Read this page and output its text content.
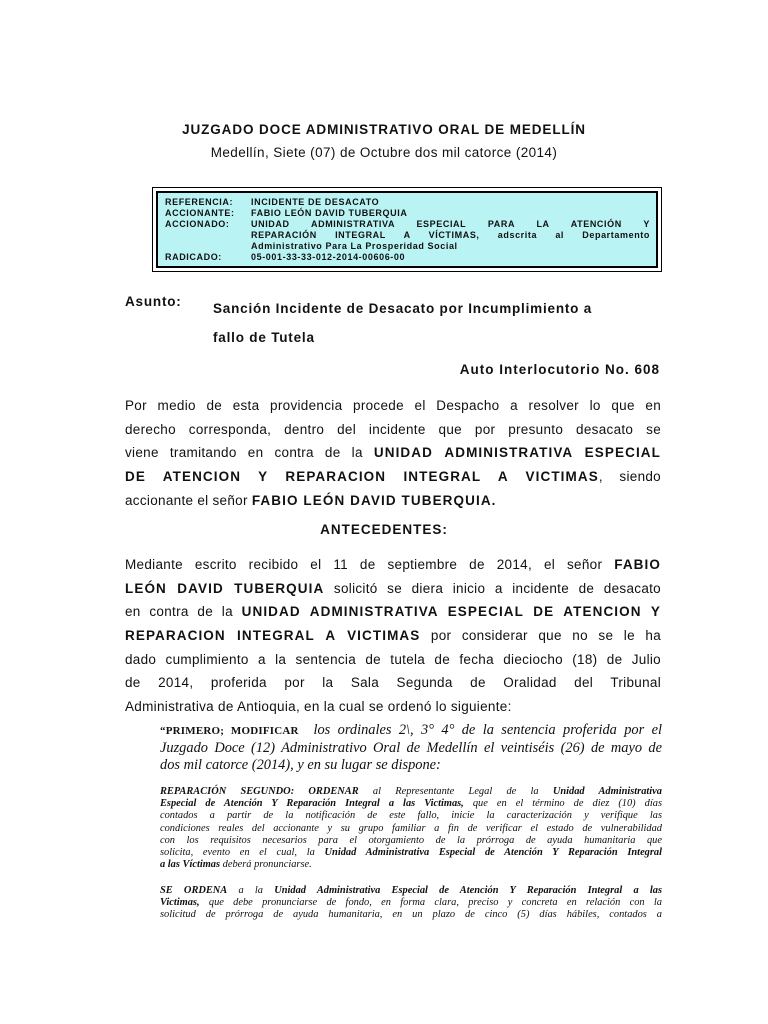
JUZGADO DOCE ADMINISTRATIVO ORAL DE MEDELLÍN
Medellín, Siete (07) de Octubre dos mil catorce (2014)
REFERENCIA:	INCIDENTE DE DESACATO
ACCIONANTE:	FABIO LEÓN DAVID TUBERQUIA
ACCIONADO:	UNIDAD ADMINISTRATIVA ESPECIAL PARA LA ATENCIÓN Y
REPARACIÓN INTEGRAL A VÍCTIMAS, adscrita al Departamento
Administrativo Para La Prosperidad Social
RADICADO:	05-001-33-33-012-2014-00606-00
Asunto: Sanción Incidente de Desacato por Incumplimiento a
fallo de Tutela
Auto Interlocutorio No. 608
Por medio de esta providencia procede el Despacho a resolver lo que en
derecho corresponda, dentro del incidente que por presunto desacato se
viene tramitando en contra de la UNIDAD ADMINISTRATIVA ESPECIAL
DE ATENCION Y REPARACION INTEGRAL A VICTIMAS, siendo
accionante el señor FABIO LEÓN DAVID TUBERQUIA.
ANTECEDENTES:
Mediante escrito recibido el 11 de septiembre de 2014, el señor FABIO
LEÓN DAVID TUBERQUIA solicitó se diera inicio a incidente de desacato
en contra de la UNIDAD ADMINISTRATIVA ESPECIAL DE ATENCION Y
REPARACION INTEGRAL A VICTIMAS por considerar que no se le ha
dado cumplimiento a la sentencia de tutela de fecha dieciocho (18) de Julio
de 2014, proferida por la Sala Segunda de Oralidad del Tribunal
Administrativa de Antioquia, en la cual se ordenó lo siguiente:
“PRIMERO; MODIFICAR los ordinales 2\, 3° 4° de la sentencia proferida por el
Juzgado Doce (12) Administrativo Oral de Medellín el veintiséis (26) de mayo de
dos mil catorce (2014), y en su lugar se dispone:
REPARACIÓN SEGUNDO: ORDENAR al Representante Legal de la Unidad Administrativa
Especial de Atención Y Reparación Integral a las Victimas, que en el término de diez (10) días
contados a partir de la notificación de este fallo, inicie la caracterización y verifique las
condiciones reales del accionante y su grupo familiar a fin de verificar el estado de vulnerabilidad
con los requisitos necesarios para el otorgamiento de la prórroga de ayuda humanitaria que
solicita, evento en el cual, la Unidad Administrativa Especial de Atención Y Reparación Integral
a las Víctimas deberá pronunciarse.
SE ORDENA a la Unidad Administrativa Especial de Atención Y Reparación Integral a las
Victimas, que debe pronunciarse de fondo, en forma clara, preciso y concreta en relación con la
solicitud de prórroga de ayuda humanitaria, en un plazo de cinco (5) días hábiles, contados a
